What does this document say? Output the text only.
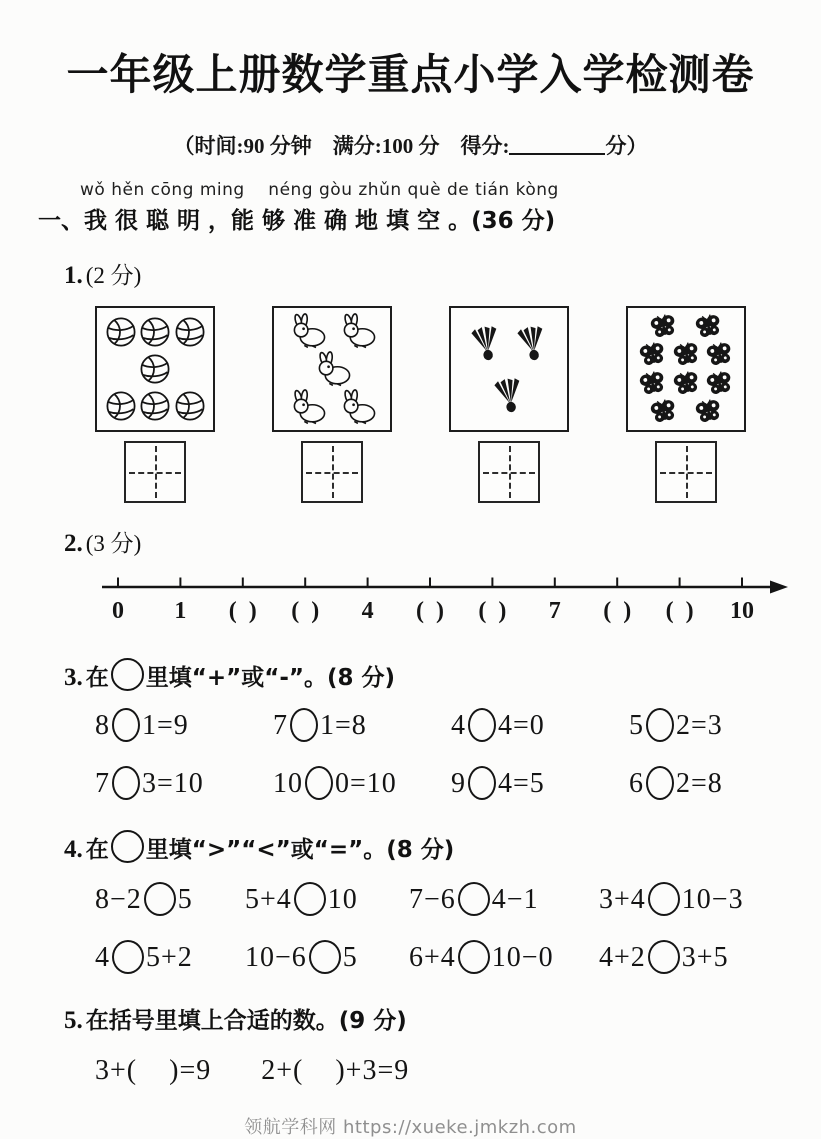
一年级上册数学重点小学入学检测卷
（时间:90 分钟　满分:100 分　得分:	分）
wǒ hěn cōng ming    néng gòu zhǔn què de tián kòng
一、我 很 聪 明 ，能 够 准 确 地 填 空 。(36 分)
1. (2 分)
2. (3 分)
0 1 (  ) (  ) 4 (  ) (  ) 7 (  ) (  ) 10
3. 在 里填“+”或“-”。(8 分)
8 1=9	7 1=8	4 4=0	5 2=3
7 3=10	10 0=10	9 4=5	6 2=8
4. 在 里填“>”“<”或“=”。(8 分)
8−2 5	5+4 10	7−6 4−1	3+4 10−3
4 5+2	10−6 5	6+4 10−0	4+2 3+5
5. 在括号里填上合适的数。(9 分)
3+(    )=9 2+(    )+3=9
领航学科网 https://xueke.jmkzh.com
